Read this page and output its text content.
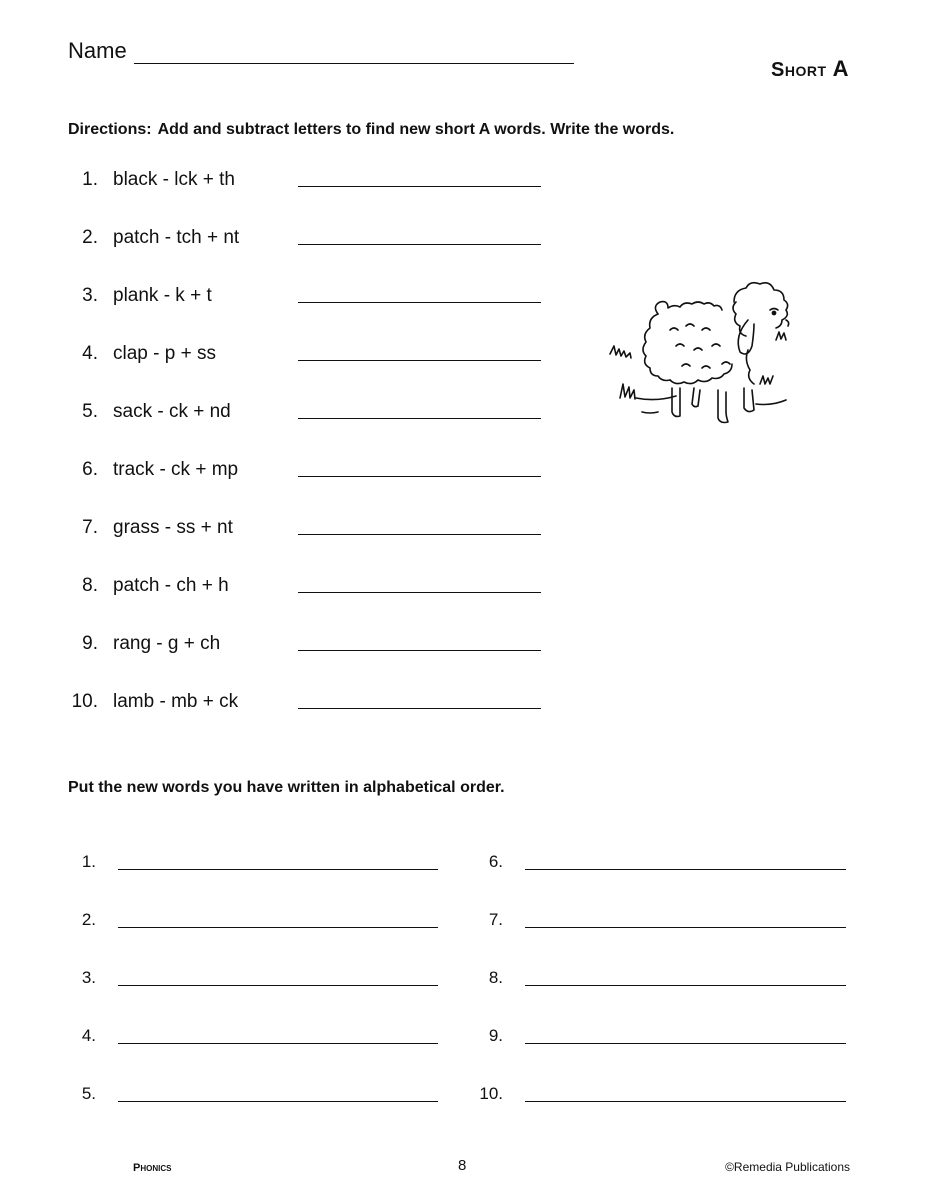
Name
Short A
Directions: Add and subtract letters to find new short A words. Write the words.
1. black - lck + th
2. patch - tch + nt
3. plank - k + t
4. clap - p + ss
5. sack - ck + nd
6. track - ck + mp
7. grass - ss + nt
8. patch - ch + h
9. rang - g + ch
10. lamb - mb + ck
Put the new words you have written in alphabetical order.
1.
2.
3.
4.
5.
6.
7.
8.
9.
10.
Phonics	8	©Remedia Publications
